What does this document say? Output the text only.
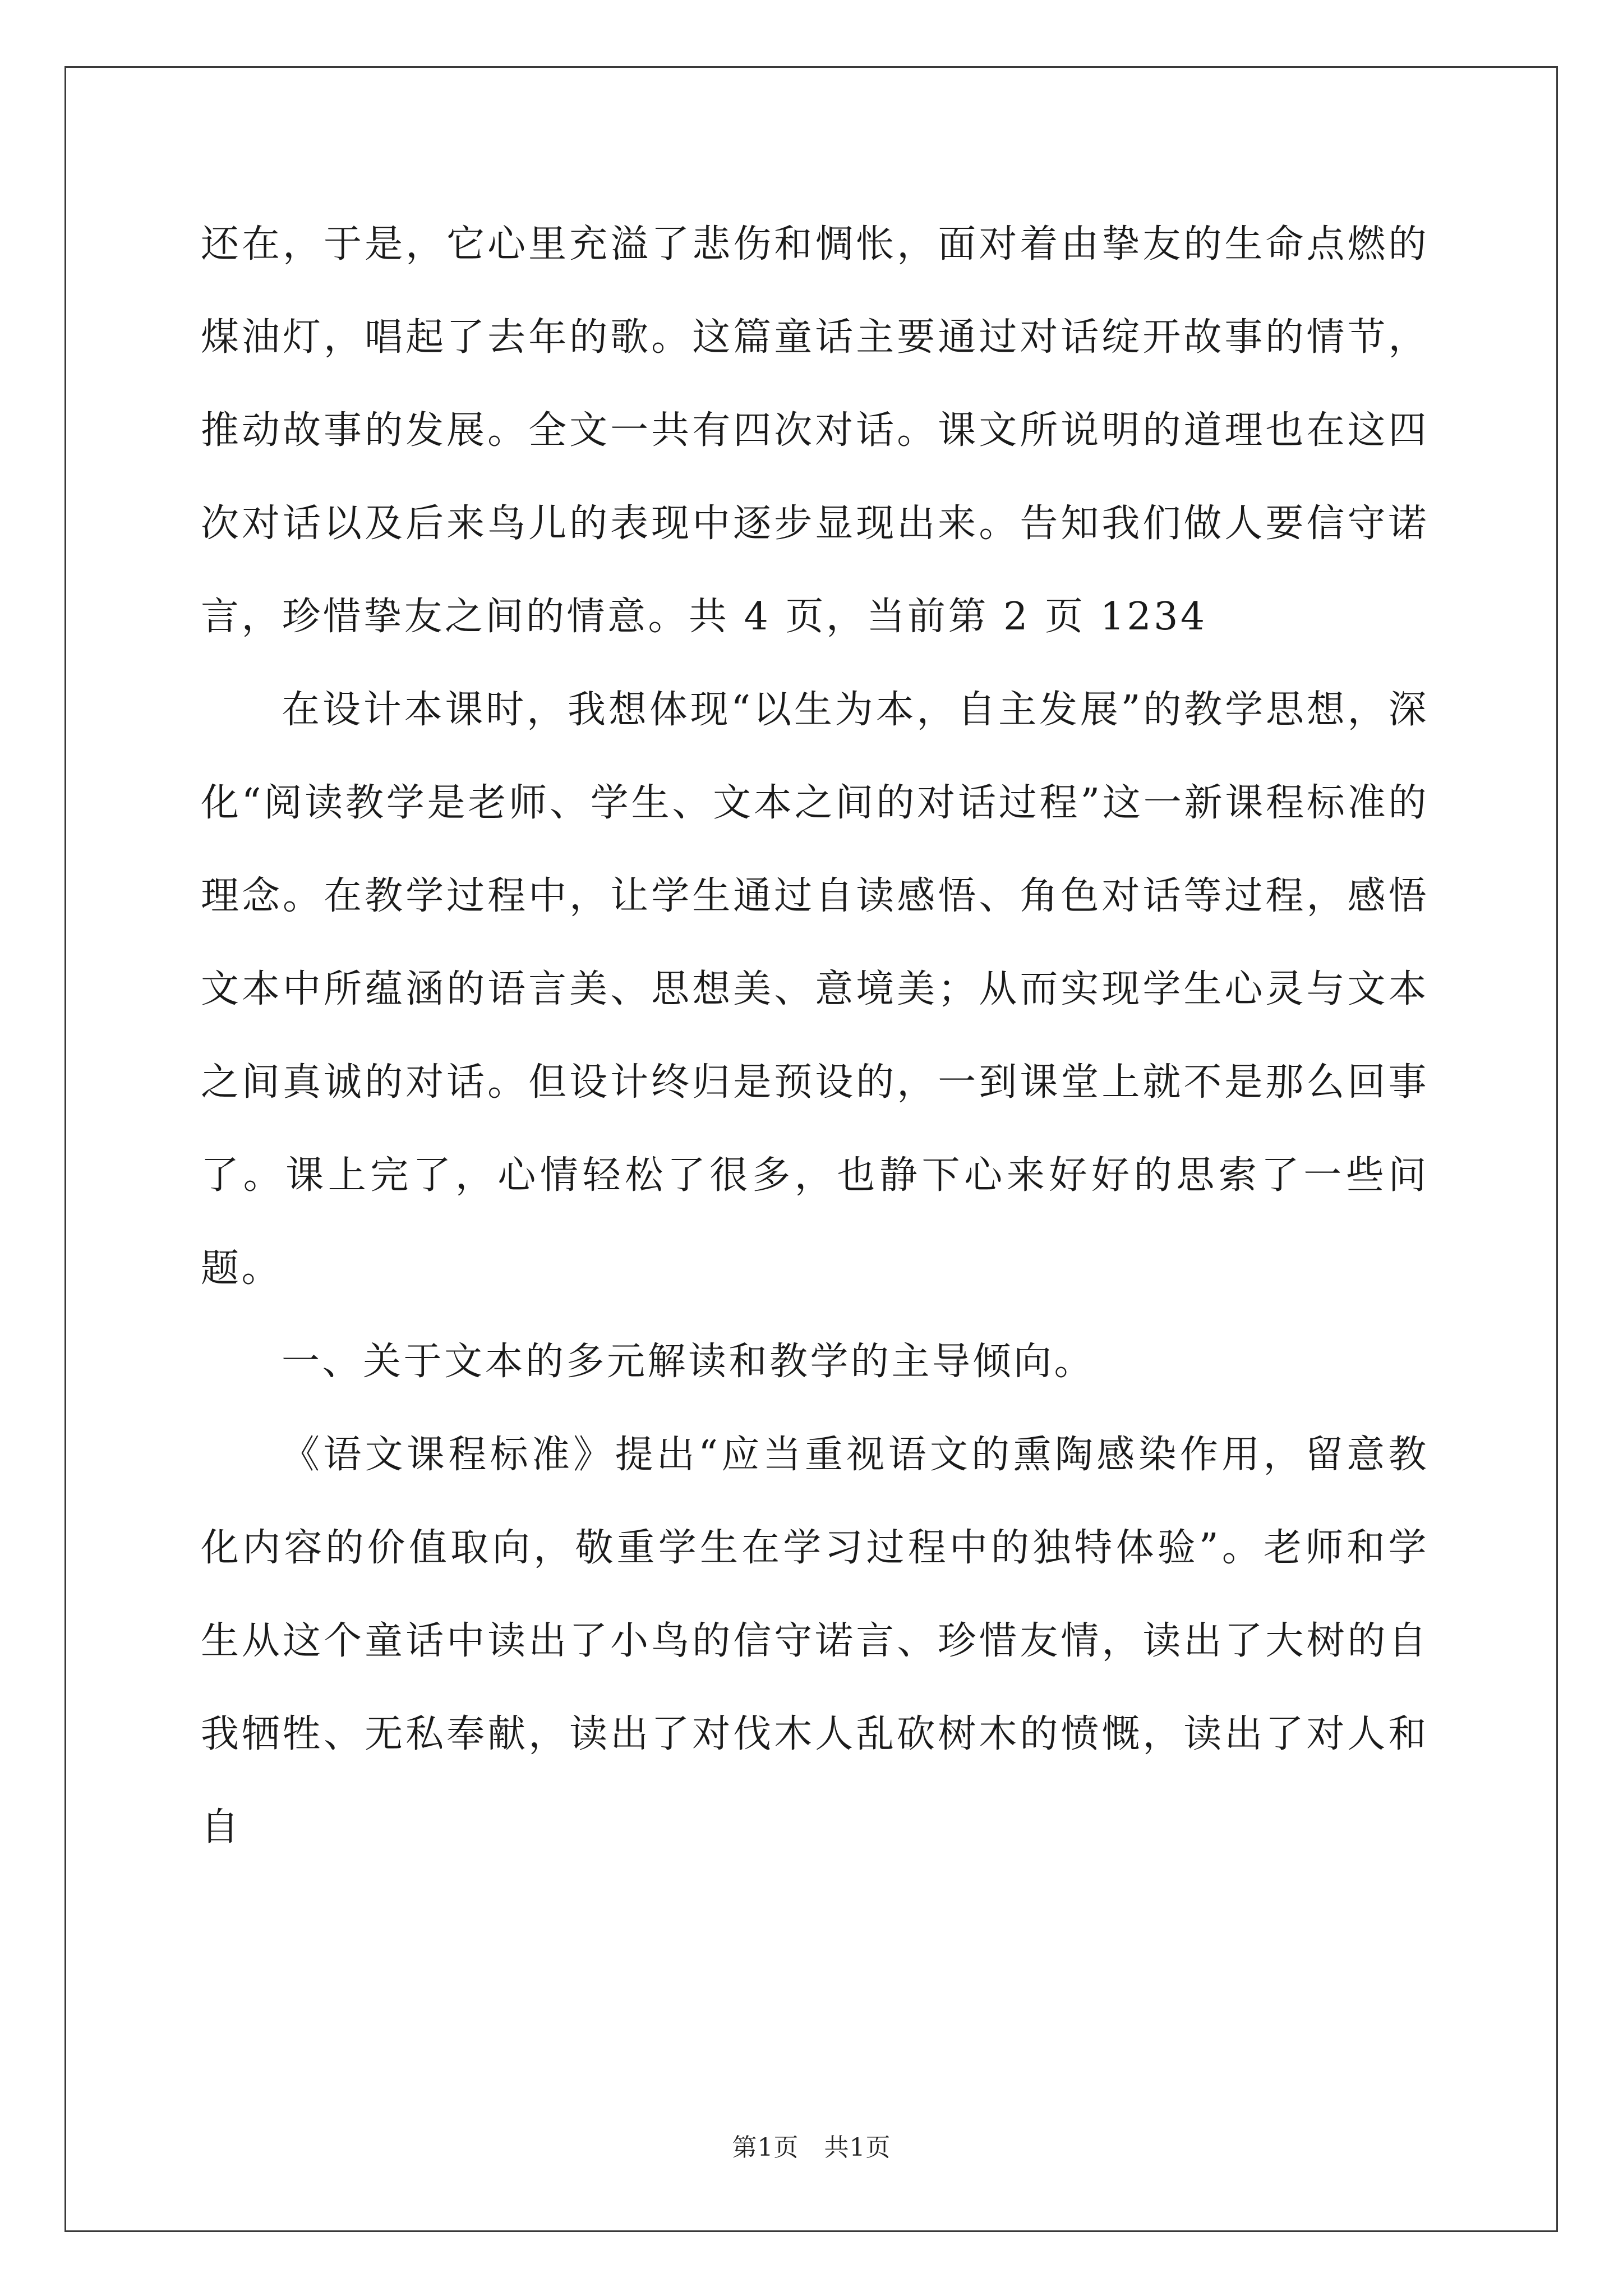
还在，于是，它心里充溢了悲伤和惆怅，面对着由挚友的生命点燃的煤油灯，唱起了去年的歌。这篇童话主要通过对话绽开故事的情节，推动故事的发展。全文一共有四次对话。课文所说明的道理也在这四次对话以及后来鸟儿的表现中逐步显现出来。告知我们做人要信守诺言，珍惜挚友之间的情意。共 4 页，当前第 2 页 1234

在设计本课时，我想体现“以生为本，自主发展”的教学思想，深化“阅读教学是老师、学生、文本之间的对话过程”这一新课程标准的理念。在教学过程中，让学生通过自读感悟、角色对话等过程，感悟文本中所蕴涵的语言美、思想美、意境美；从而实现学生心灵与文本之间真诚的对话。但设计终归是预设的，一到课堂上就不是那么回事了。课上完了，心情轻松了很多，也静下心来好好的思索了一些问题。

一、关于文本的多元解读和教学的主导倾向。

《语文课程标准》提出“应当重视语文的熏陶感染作用，留意教化内容的价值取向，敬重学生在学习过程中的独特体验”。老师和学生从这个童话中读出了小鸟的信守诺言、珍惜友情，读出了大树的自我牺牲、无私奉献，读出了对伐木人乱砍树木的愤慨，读出了对人和自

第1页　共1页
